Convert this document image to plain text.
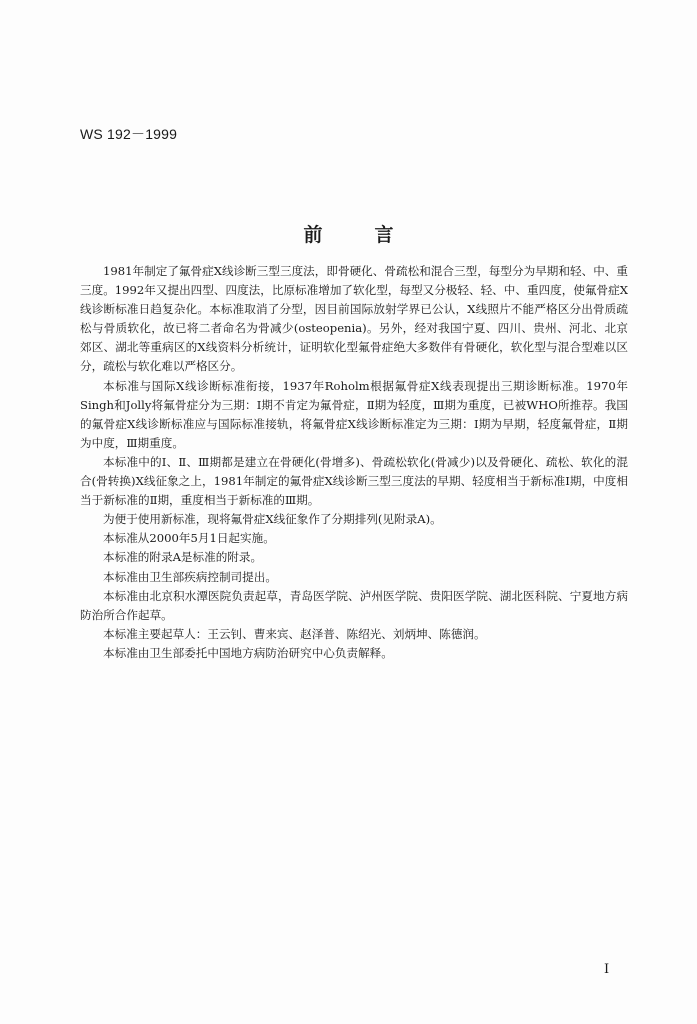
WS 192－1999
前言

1981年制定了氟骨症X线诊断三型三度法，即骨硬化、骨疏松和混合三型，每型分为早期和轻、中、重三度。1992年又提出四型、四度法，比原标准增加了软化型，每型又分极轻、轻、中、重四度，使氟骨症X线诊断标准日趋复杂化。本标准取消了分型，因目前国际放射学界已公认，X线照片不能严格区分出骨质疏松与骨质软化，故已将二者命名为骨减少(osteopenia)。另外，经对我国宁夏、四川、贵州、河北、北京郊区、湖北等重病区的X线资料分析统计，证明软化型氟骨症绝大多数伴有骨硬化，软化型与混合型难以区分，疏松与软化难以严格区分。

本标准与国际X线诊断标准衔接，1937年Roholm根据氟骨症X线表现提出三期诊断标准。1970年Singh和Jolly将氟骨症分为三期：Ⅰ期不肯定为氟骨症，Ⅱ期为轻度，Ⅲ期为重度，已被WHO所推荐。我国的氟骨症X线诊断标准应与国际标准接轨，将氟骨症X线诊断标准定为三期：Ⅰ期为早期，轻度氟骨症，Ⅱ期为中度，Ⅲ期重度。

本标准中的Ⅰ、Ⅱ、Ⅲ期都是建立在骨硬化(骨增多)、骨疏松软化(骨减少)以及骨硬化、疏松、软化的混合(骨转换)X线征象之上，1981年制定的氟骨症X线诊断三型三度法的早期、轻度相当于新标准Ⅰ期，中度相当于新标准的Ⅱ期，重度相当于新标准的Ⅲ期。

为便于使用新标准，现将氟骨症X线征象作了分期排列(见附录A)。

本标准从2000年5月1日起实施。

本标准的附录A是标准的附录。

本标准由卫生部疾病控制司提出。

本标准由北京积水潭医院负责起草，青岛医学院、泸州医学院、贵阳医学院、湖北医科院、宁夏地方病防治所合作起草。

本标准主要起草人：王云钊、曹来宾、赵泽普、陈绍光、刘炳坤、陈德润。

本标准由卫生部委托中国地方病防治研究中心负责解释。

Ⅰ
